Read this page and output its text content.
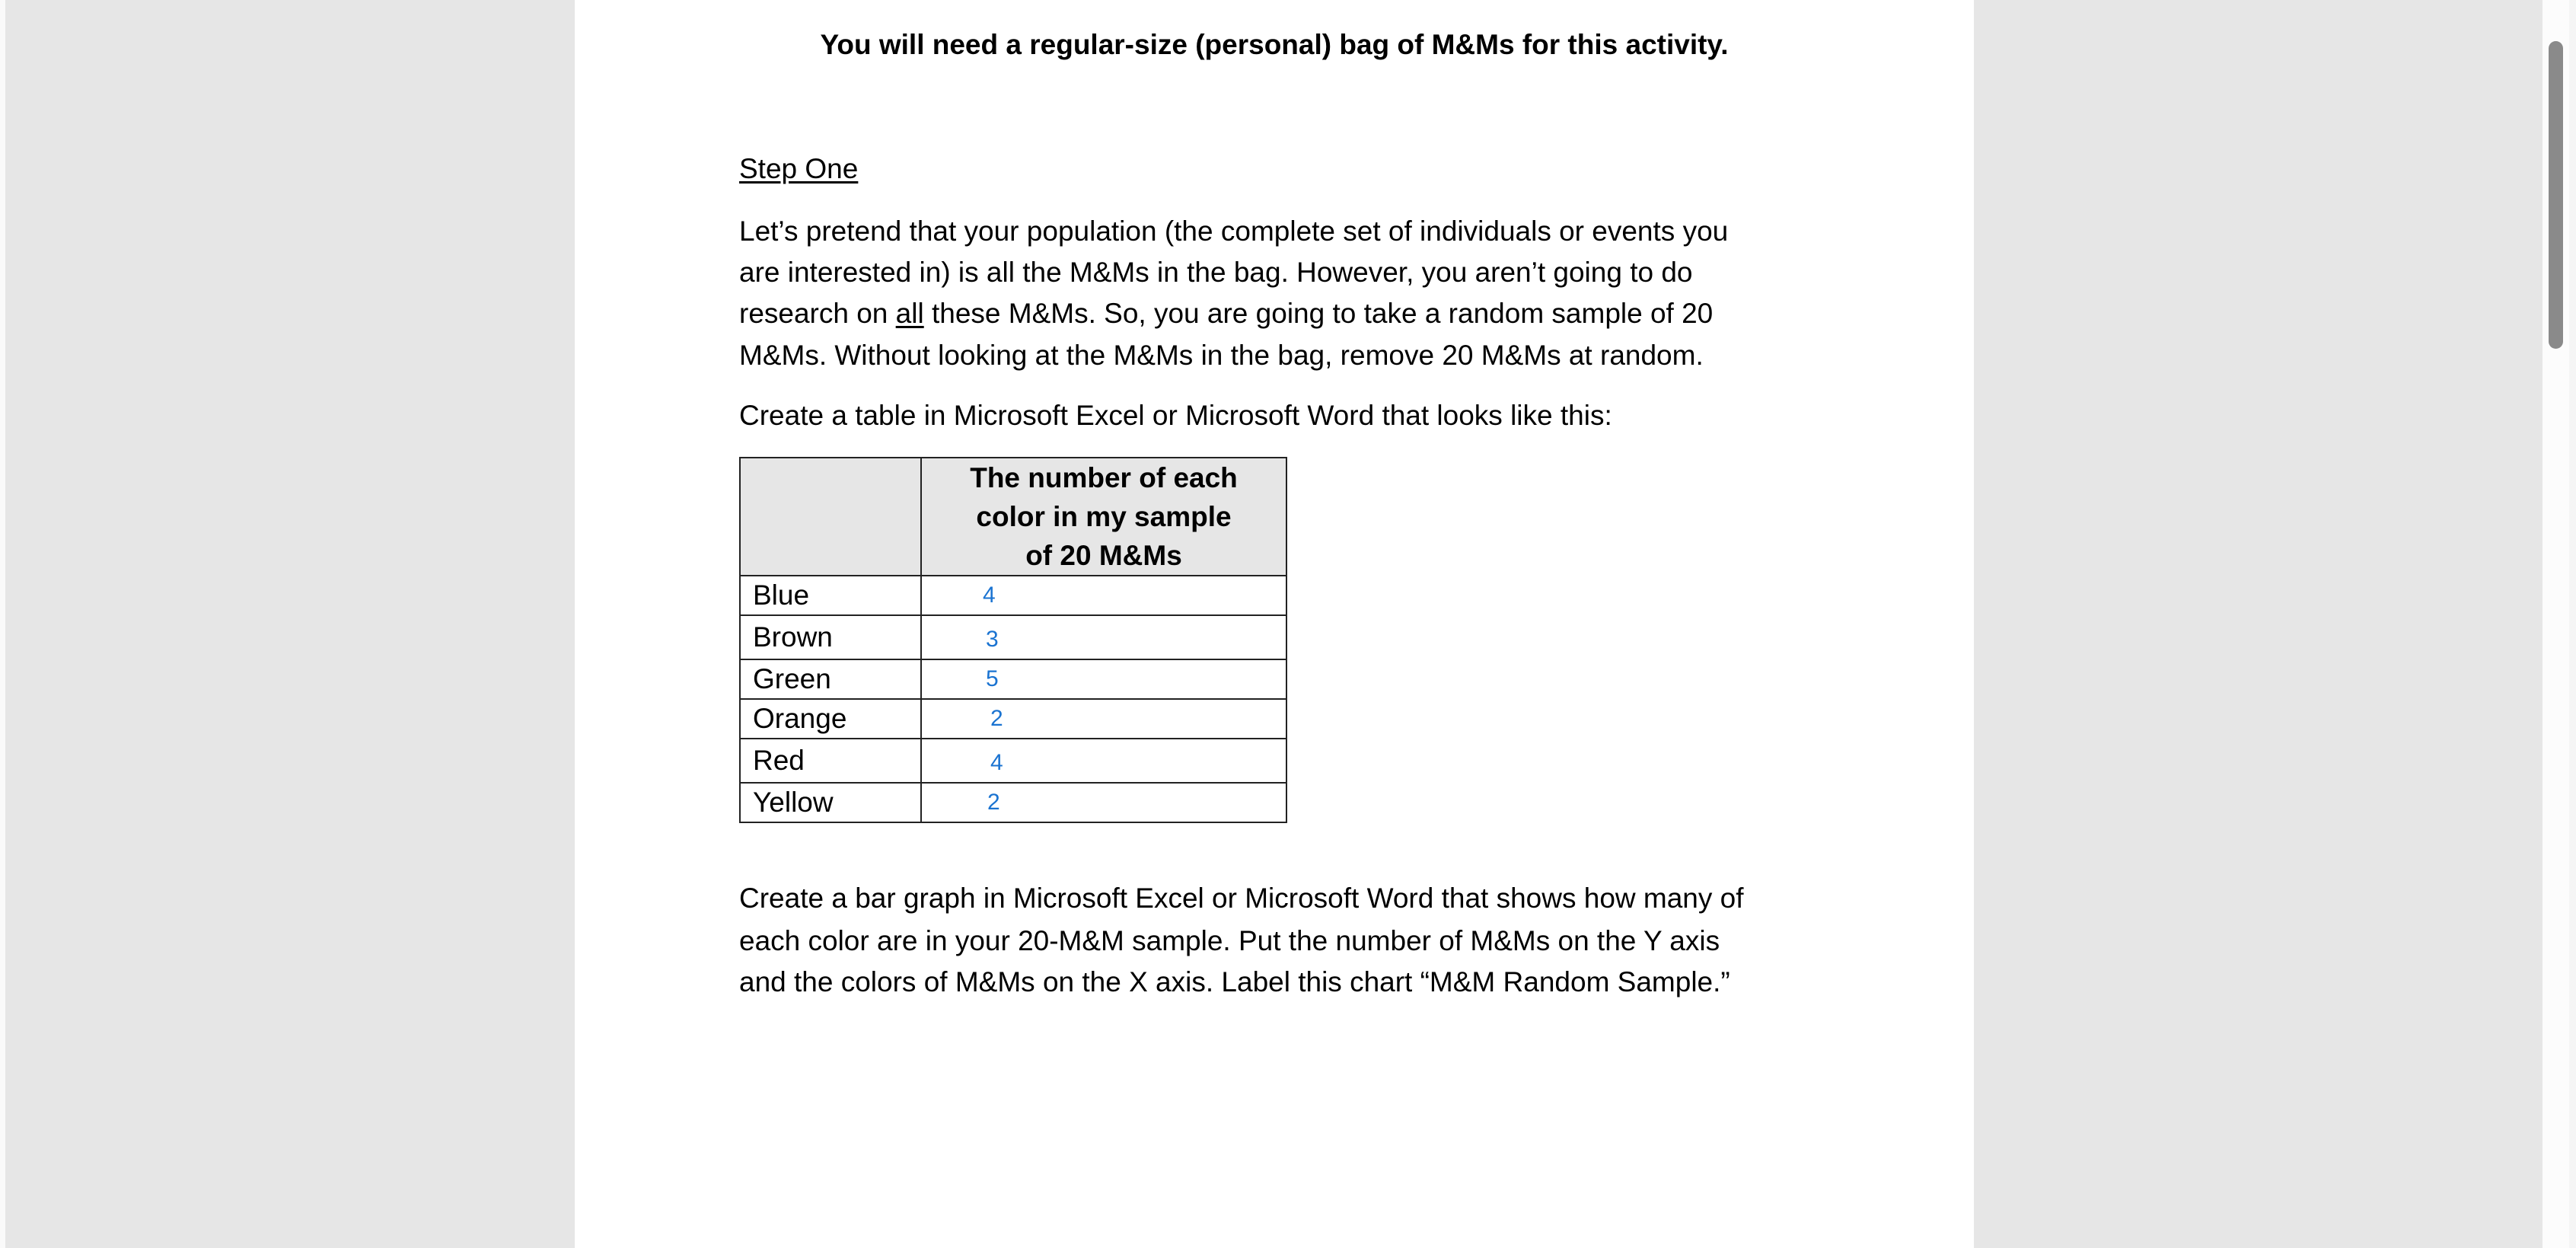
You will need a regular-size (personal) bag of M&Ms for this activity.
Step One
Let’s pretend that your population (the complete set of individuals or events you
are interested in) is all the M&Ms in the bag. However, you aren’t going to do
research on all these M&Ms. So, you are going to take a random sample of 20
M&Ms. Without looking at the M&Ms in the bag, remove 20 M&Ms at random.
Create a table in Microsoft Excel or Microsoft Word that looks like this:

	The number of each
color in my sample
of 20 M&Ms

Blue	4
Brown	3
Green	5
Orange	2
Red	4
Yellow	2
Create a bar graph in Microsoft Excel or Microsoft Word that shows how many of
each color are in your 20-M&M sample. Put the number of M&Ms on the Y axis
and the colors of M&Ms on the X axis. Label this chart “M&M Random Sample.”
